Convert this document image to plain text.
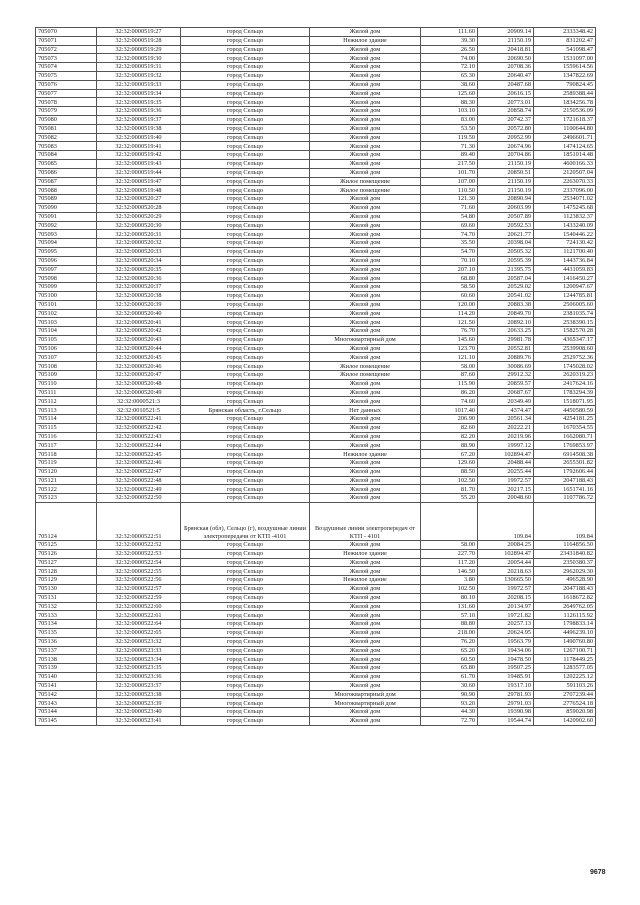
705070	32:32:0000519:27	город Сельцо	Жилой дом	111.60	20909.14	2333348.42
705071	32:32:0000519:28	город Сельцо	Нежилое здание	39.30	21150.19	831202.47
705072	32:32:0000519:29	город Сельцо	Жилой дом	26.50	20418.81	541098.47
705073	32:32:0000519:30	город Сельцо	Жилой дом	74.00	20690.50	1531097.00
705074	32:32:0000519:31	город Сельцо	Жилой дом	72.10	20708.36	1559614.56
705075	32:32:0000519:32	город Сельцо	Жилой дом	65.30	20640.47	1347822.69
705076	32:32:0000519:33	город Сельцо	Жилой дом	38.60	20487.68	790824.45
705077	32:32:0000519:34	город Сельцо	Жилой дом	125.60	20616.15	2589388.44
705078	32:32:0000519:35	город Сельцо	Жилой дом	88.30	20773.01	1834256.78
705079	32:32:0000519:36	город Сельцо	Жилой дом	103.10	20858.74	2150536.09
705080	32:32:0000519:37	город Сельцо	Жилой дом	83.00	20742.37	1721618.37
705081	32:32:0000519:38	город Сельцо	Жилой дом	53.50	20572.80	1100644.80
705082	32:32:0000519:40	город Сельцо	Жилой дом	119.50	20952.99	2496601.71
705083	32:32:0000519:41	город Сельцо	Жилой дом	71.30	20674.96	1474124.65
705084	32:32:0000519:42	город Сельцо	Жилой дом	89.40	20704.86	1851014.48
705085	32:32:0000519:43	город Сельцо	Жилой дом	217.50	21150.19	4600166.33
705086	32:32:0000519:44	город Сельцо	Жилой дом	101.70	20850.51	2120507.04
705087	32:32:0000519:47	город Сельцо	Жилое помещение	107.00	21150.19	2263070.33
705088	32:32:0000519:48	город Сельцо	Жилое помещение	110.50	21150.19	2337096.00
705089	32:32:0000520:27	город Сельцо	Жилой дом	121.30	20890.94	2534071.02
705090	32:32:0000520:28	город Сельцо	Жилой дом	71.60	20603.99	1475245.68
705091	32:32:0000520:29	город Сельцо	Жилой дом	54.80	20507.89	1123832.37
705092	32:32:0000520:30	город Сельцо	Жилой дом	69.60	20592.53	1433240.09
705093	32:32:0000520:31	город Сельцо	Жилой дом	74.70	20621.77	1540446.22
705094	32:32:0000520:32	город Сельцо	Жилой дом	35.50	20398.04	724130.42
705095	32:32:0000520:33	город Сельцо	Жилой дом	54.70	20505.32	1121700.40
705096	32:32:0000520:34	город Сельцо	Жилой дом	70.10	20595.39	1443736.84
705097	32:32:0000520:35	город Сельцо	Жилой дом	207.10	21395.75	4431059.83
705098	32:32:0000520:36	город Сельцо	Жилой дом	68.80	20587.04	1416450.27
705099	32:32:0000520:37	город Сельцо	Жилой дом	58.50	20529.02	1200947.67
705100	32:32:0000520:38	город Сельцо	Жилой дом	60.60	20541.02	1244785.81
705101	32:32:0000520:39	город Сельцо	Жилой дом	120.00	20883.38	2506005.60
705102	32:32:0000520:40	город Сельцо	Жилой дом	114.20	20849.70	2381035.74
705103	32:32:0000520:41	город Сельцо	Жилой дом	121.50	20892.10	2538390.15
705104	32:32:0000520:42	город Сельцо	Жилой дом	76.70	20633.25	1582570.28
705105	32:32:0000520:43	город Сельцо	Многоквартирный дом	145.60	29981.78	4365347.17
705106	32:32:0000520:44	город Сельцо	Жилой дом	123.70	20552.81	2539908.60
705107	32:32:0000520:45	город Сельцо	Жилой дом	121.10	20889.76	2529752.36
705108	32:32:0000520:46	город Сельцо	Жилое помещение	58.00	30086.69	1745028.02
705109	32:32:0000520:47	город Сельцо	Жилое помещение	87.60	29912.32	2620319.23
705110	32:32:0000520:48	город Сельцо	Жилой дом	115.90	20859.57	2417624.16
705111	32:32:0000520:49	город Сельцо	Жилой дом	86.20	20687.67	1783294.39
705112	32:32:0000521:3	город Сельцо	Жилой дом	74.60	20349.49	1518071.95
705113	32:32:0010521:5	Брянская область, г.Сельцо	Нет данных	1017.40	4374.47	4450580.59
705114	32:32:0000522:41	город Сельцо	Жилой дом	206.90	20561.34	4254181.25
705115	32:32:0000522:42	город Сельцо	Жилой дом	82.60	20222.21	1670354.55
705116	32:32:0000522:43	город Сельцо	Жилой дом	82.20	20219.96	1662080.71
705117	32:32:0000522:44	город Сельцо	Жилой дом	88.90	19997.12	1769853.97
705118	32:32:0000522:45	город Сельцо	Нежилое здание	67.20	102894.47	6914508.38
705119	32:32:0000522:46	город Сельцо	Жилой дом	129.60	20488.44	2655301.82
705120	32:32:0000522:47	город Сельцо	Жилой дом	88.50	20255.44	1792606.44
705121	32:32:0000522:48	город Сельцо	Жилой дом	102.50	19972.57	2047188.43
705122	32:32:0000522:49	город Сельцо	Жилой дом	81.70	20217.15	1651741.16
705123	32:32:0000522:50	город Сельцо	Жилой дом	55.20	20048.60	1107786.72
705124	32:32:0000522:51	Брянская (обл), Сельцо (г), воздушные линии электропередачи от КТП -4101	Воздушные линии электропередач от КТП - 4101		109.84	109.84
705125	32:32:0000522:52	город Сельцо	Жилой дом	58.00	20084.25	1164856.50
705126	32:32:0000522:53	город Сельцо	Нежилое здание	227.70	102894.47	23431840.82
705127	32:32:0000522:54	город Сельцо	Жилой дом	117.20	20054.44	2350380.37
705128	32:32:0000522:55	город Сельцо	Жилой дом	146.50	20218.63	2962029.30
705129	32:32:0000522:56	город Сельцо	Нежилое здание	3.80	130665.50	496528.90
705130	32:32:0000522:57	город Сельцо	Жилой дом	102.50	19972.57	2047188.43
705131	32:32:0000522:59	город Сельцо	Жилой дом	80.10	20208.15	1618672.82
705132	32:32:0000522:60	город Сельцо	Жилой дом	131.60	20134.97	2649762.05
705133	32:32:0000522:61	город Сельцо	Жилой дом	57.10	19721.82	1126115.92
705134	32:32:0000522:64	город Сельцо	Жилой дом	88.80	20257.13	1798833.14
705135	32:32:0000522:65	город Сельцо	Жилой дом	218.00	20624.95	4496239.10
705136	32:32:0000523:32	город Сельцо	Жилой дом	76.20	19563.79	1490760.80
705137	32:32:0000523:33	город Сельцо	Жилой дом	65.20	19434.06	1267100.71
705138	32:32:0000523:34	город Сельцо	Жилой дом	60.50	19478.50	1178449.25
705139	32:32:0000523:35	город Сельцо	Жилой дом	65.80	19507.25	1283577.05
705140	32:32:0000523:36	город Сельцо	Жилой дом	61.70	19485.91	1202225.12
705141	32:32:0000523:37	город Сельцо	Жилой дом	30.60	19317.10	591103.26
705142	32:32:0000523:38	город Сельцо	Многоквартирный дом	90.90	29781.93	2707239.44
705143	32:32:0000523:39	город Сельцо	Многоквартирный дом	93.20	29791.03	2776524.18
705144	32:32:0000523:40	город Сельцо	Жилой дом	44.30	19390.98	859020.98
705145	32:32:0000523:41	город Сельцо	Жилой дом	72.70	19544.74	1420902.60
9678
